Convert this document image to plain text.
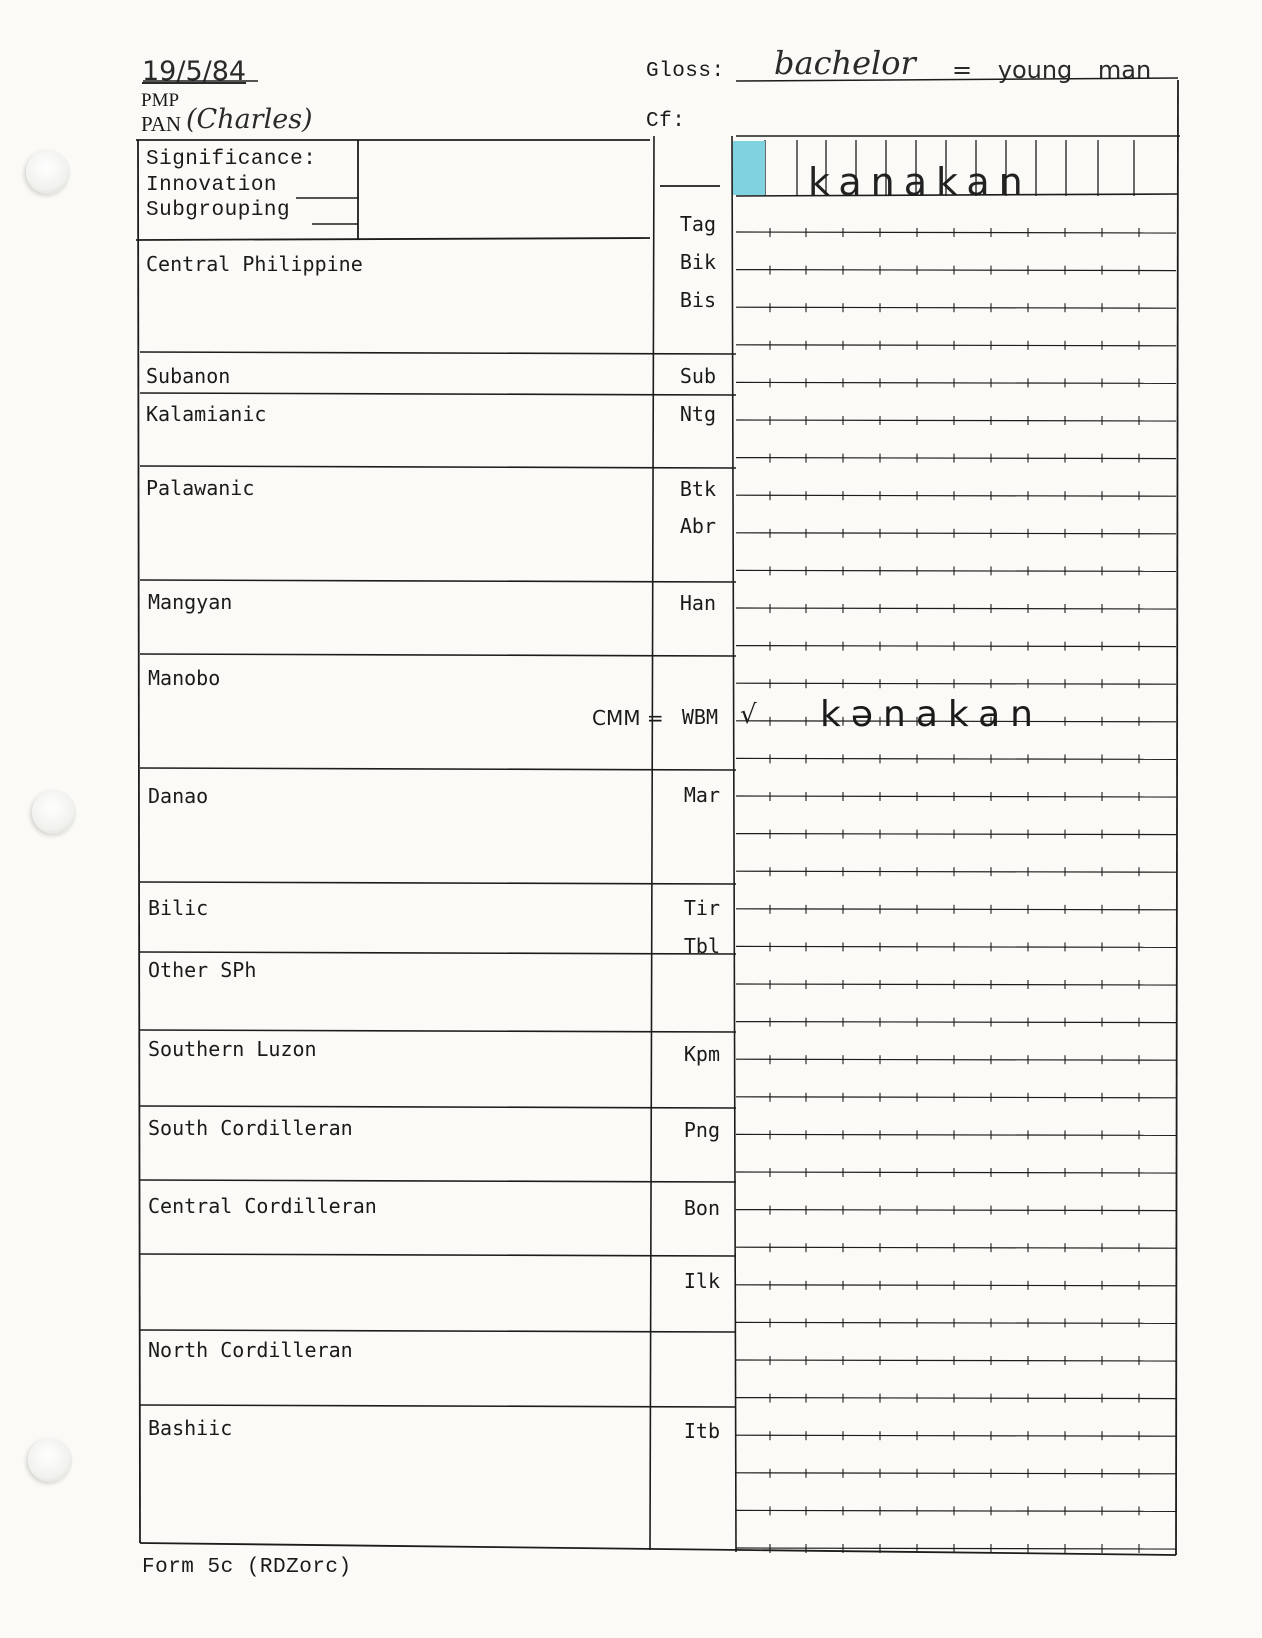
19/5/84
PMP
PAN (Charles)
Gloss: bachelor = young man
Cf:
Significance:
Innovation
Subgrouping
kanakan
Central Philippine
Subanon
Kalamianic
Palawanic
Mangyan
Manobo
Danao
Bilic
Other SPh
Southern Luzon
South Cordilleran
Central Cordilleran
North Cordilleran
Bashiic
Tag
Bik
Bis
Sub
Ntg
Btk
Abr
Han
CMM = WBM
Mar
Tir
Tbl
Kpm
Png
Bon
Ilk
Itb
√ kənakan
Form 5c (RDZorc)
